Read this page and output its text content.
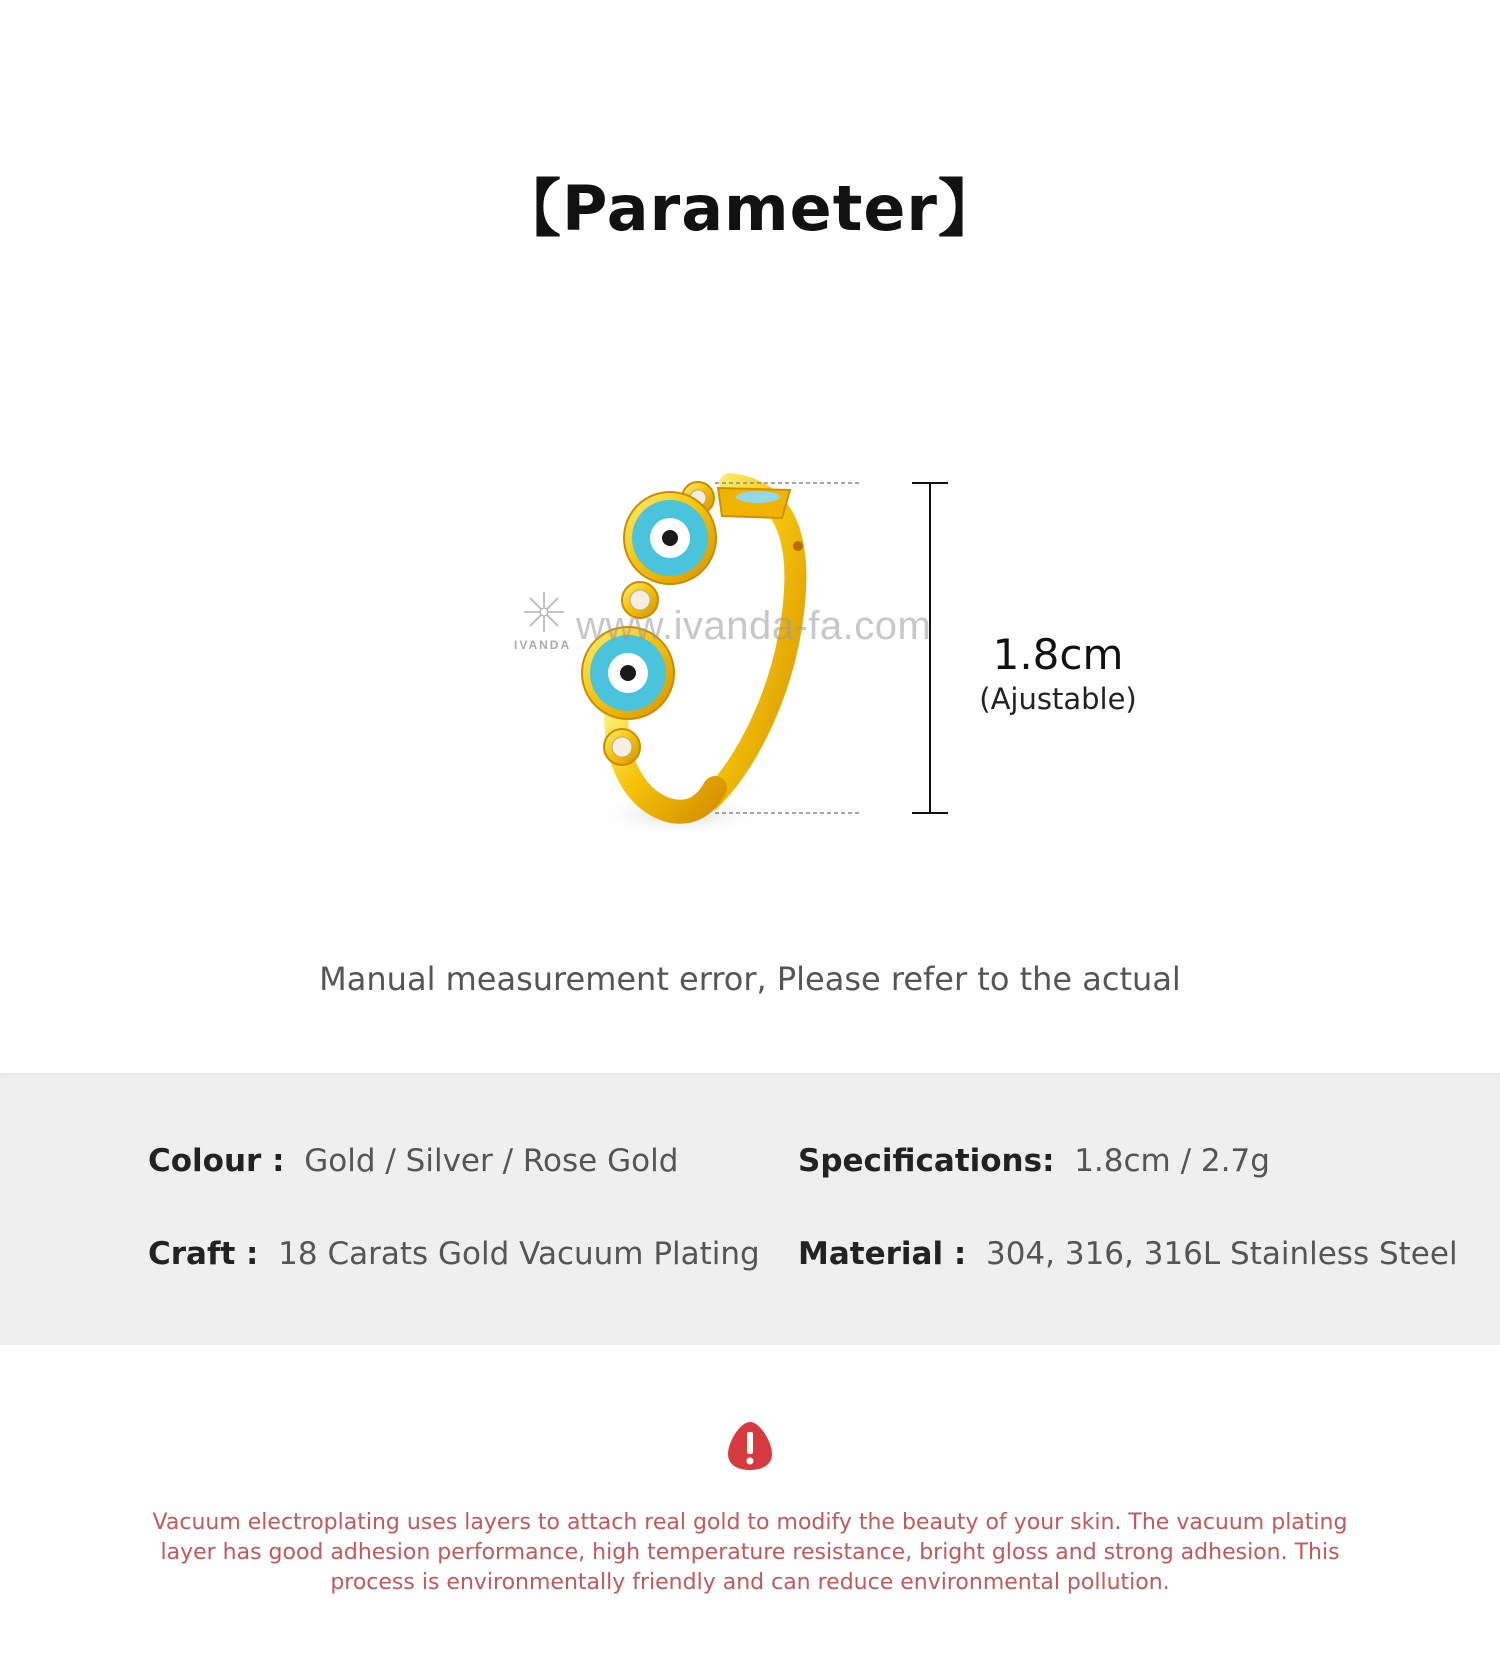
【Parameter】
IVANDA www.ivanda-fa.com
1.8cm
(Ajustable)
Manual measurement error, Please refer to the actual
Colour : Gold / Silver / Rose Gold	Specifications: 1.8cm / 2.7g
Craft : 18 Carats Gold Vacuum Plating Material : 304, 316, 316L Stainless Steel
Vacuum electroplating uses layers to attach real gold to modify the beauty of your skin. The vacuum plating layer has good adhesion performance, high temperature resistance, bright gloss and strong adhesion. This process is environmentally friendly and can reduce environmental pollution.
